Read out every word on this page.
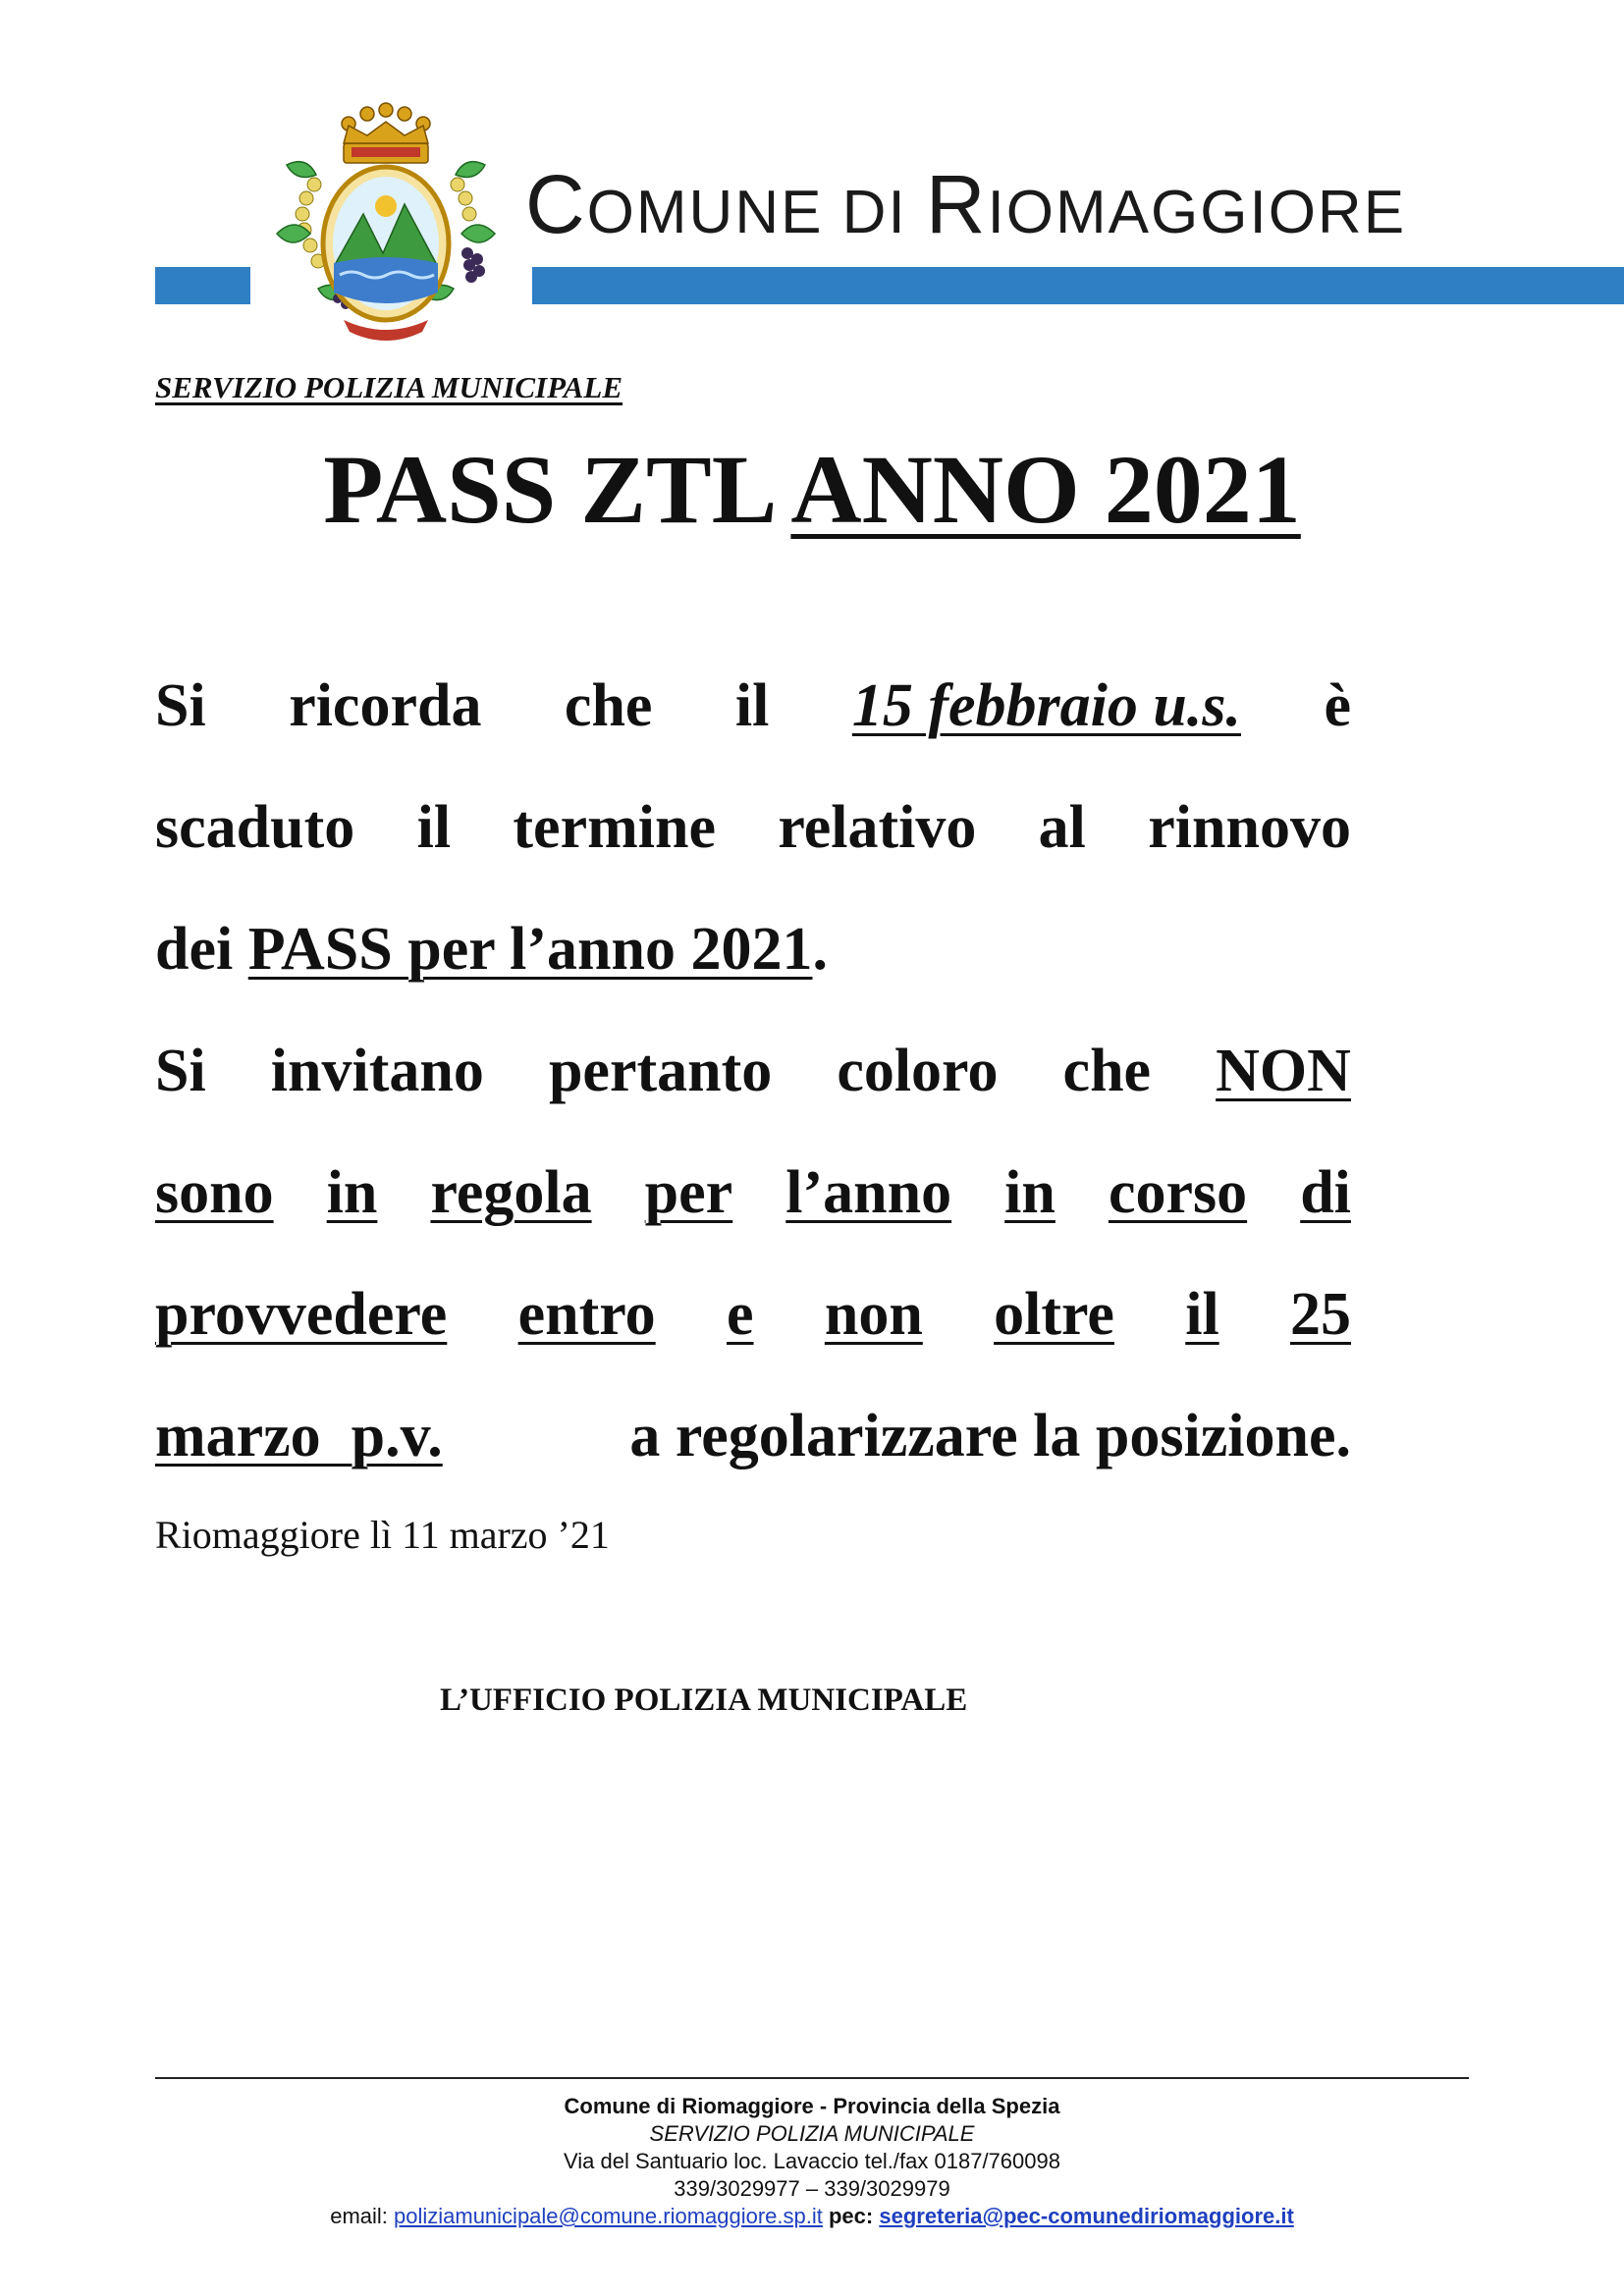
COMUNE DI RIOMAGGIORE
SERVIZIO POLIZIA MUNICIPALE
PASS ZTL ANNO 2021
Si ricorda che il 15 febbraio u.s. è
scaduto il termine relativo al rinnovo
dei PASS per l’anno 2021 .
Si invitano pertanto coloro che NON
sono in regola per l’anno in corso di
provvedere entro e non oltre il 25
marzo  p.v.	a regolarizzare la posizione.
Riomaggiore lì 11 marzo ’21
L’UFFICIO POLIZIA MUNICIPALE
Comune di Riomaggiore - Provincia della Spezia
SERVIZIO POLIZIA MUNICIPALE
Via del Santuario loc. Lavaccio tel./fax 0187/760098
339/3029977 – 339/3029979
email: poliziamunicipale@comune.riomaggiore.sp.it pec: segreteria@pec-comunediriomaggiore.it
